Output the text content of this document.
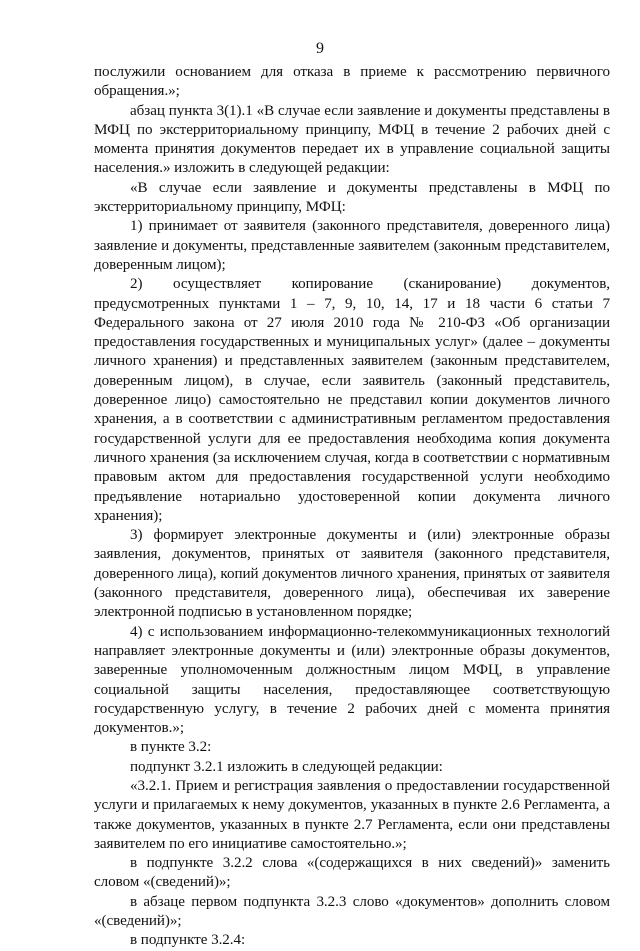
9

послужили основанием для отказа в приеме к рассмотрению первичного обращения.»;

абзац пункта 3(1).1 «В случае если заявление и документы представлены в МФЦ по экстерриториальному принципу, МФЦ в течение 2 рабочих дней с момента принятия документов передает их в управление социальной защиты населения.» изложить в следующей редакции:

«В случае если заявление и документы представлены в МФЦ по экстерриториальному принципу, МФЦ:

1) принимает от заявителя (законного представителя, доверенного лица) заявление и документы, представленные заявителем (законным представителем, доверенным лицом);

2) осуществляет копирование (сканирование) документов, предусмотренных пунктами 1 – 7, 9, 10, 14, 17 и 18 части 6 статьи 7 Федерального закона от 27 июля 2010 года № 210-ФЗ «Об организации предоставления государственных и муниципальных услуг» (далее – документы личного хранения) и представленных заявителем (законным представителем, доверенным лицом), в случае, если заявитель (законный представитель, доверенное лицо) самостоятельно не представил копии документов личного хранения, а в соответствии с административным регламентом предоставления государственной услуги для ее предоставления необходима копия документа личного хранения (за исключением случая, когда в соответствии с нормативным правовым актом для предоставления государственной услуги необходимо предъявление нотариально удостоверенной копии документа личного хранения);

3) формирует электронные документы и (или) электронные образы заявления, документов, принятых от заявителя (законного представителя, доверенного лица), копий документов личного хранения, принятых от заявителя (законного представителя, доверенного лица), обеспечивая их заверение электронной подписью в установленном порядке;

4) с использованием информационно-телекоммуникационных технологий направляет электронные документы и (или) электронные образы документов, заверенные уполномоченным должностным лицом МФЦ, в управление социальной защиты населения, предоставляющее соответствующую государственную услугу, в течение 2 рабочих дней с момента принятия документов.»;

в пункте 3.2:

подпункт 3.2.1 изложить в следующей редакции:

«3.2.1. Прием и регистрация заявления о предоставлении государственной услуги и прилагаемых к нему документов, указанных в пункте 2.6 Регламента, а также документов, указанных в пункте 2.7 Регламента, если они представлены заявителем по его инициативе самостоятельно.»;

в подпункте 3.2.2 слова «(содержащихся в них сведений)» заменить словом «(сведений)»;

в абзаце первом подпункта 3.2.3 слово «документов» дополнить словом «(сведений)»;

в подпункте 3.2.4:
